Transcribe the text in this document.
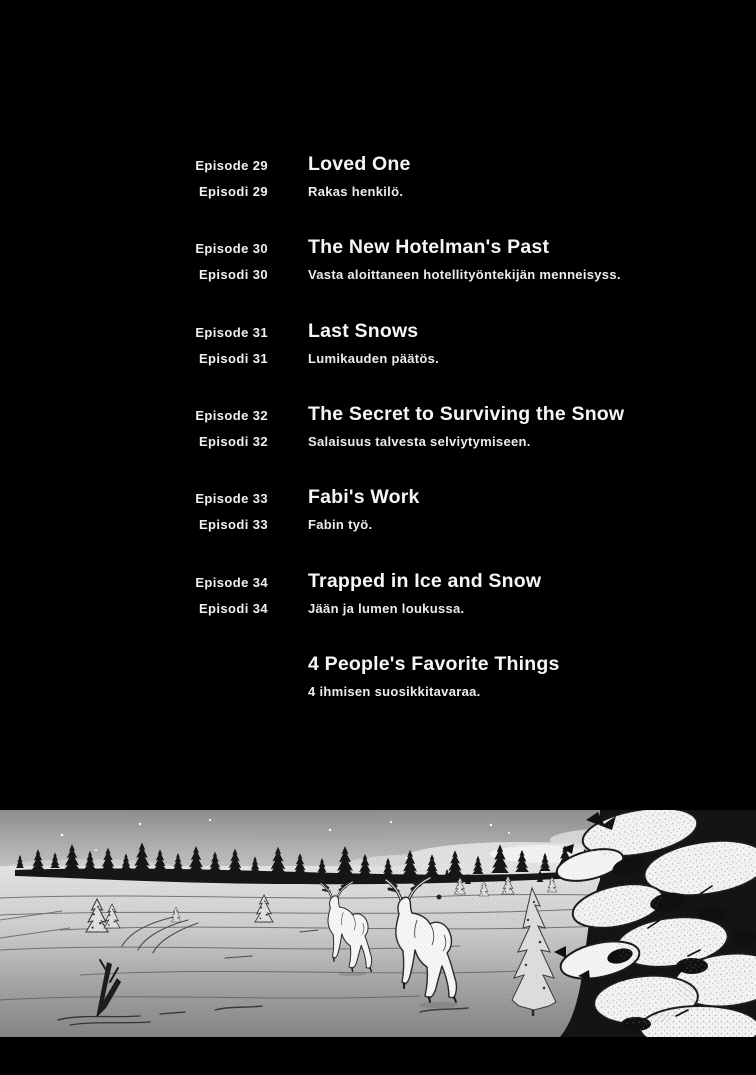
Episode 29 Loved One
Episodi 29	Rakas henkilö.
Episode 30 The New Hotelman's Past
Episodi 30	Vasta aloittaneen hotellityöntekijän menneisyss.
Episode 31 Last Snows
Episodi 31	Lumikauden päätös.
Episode 32 The Secret to Surviving the Snow
Episodi 32	Salaisuus talvesta selviytymiseen.
Episode 33 Fabi's Work
Episodi 33	Fabin työ.
Episode 34 Trapped in Ice and Snow
Episodi 34	Jään ja lumen loukussa.
4 People's Favorite Things
4 ihmisen suosikkitavaraa.
